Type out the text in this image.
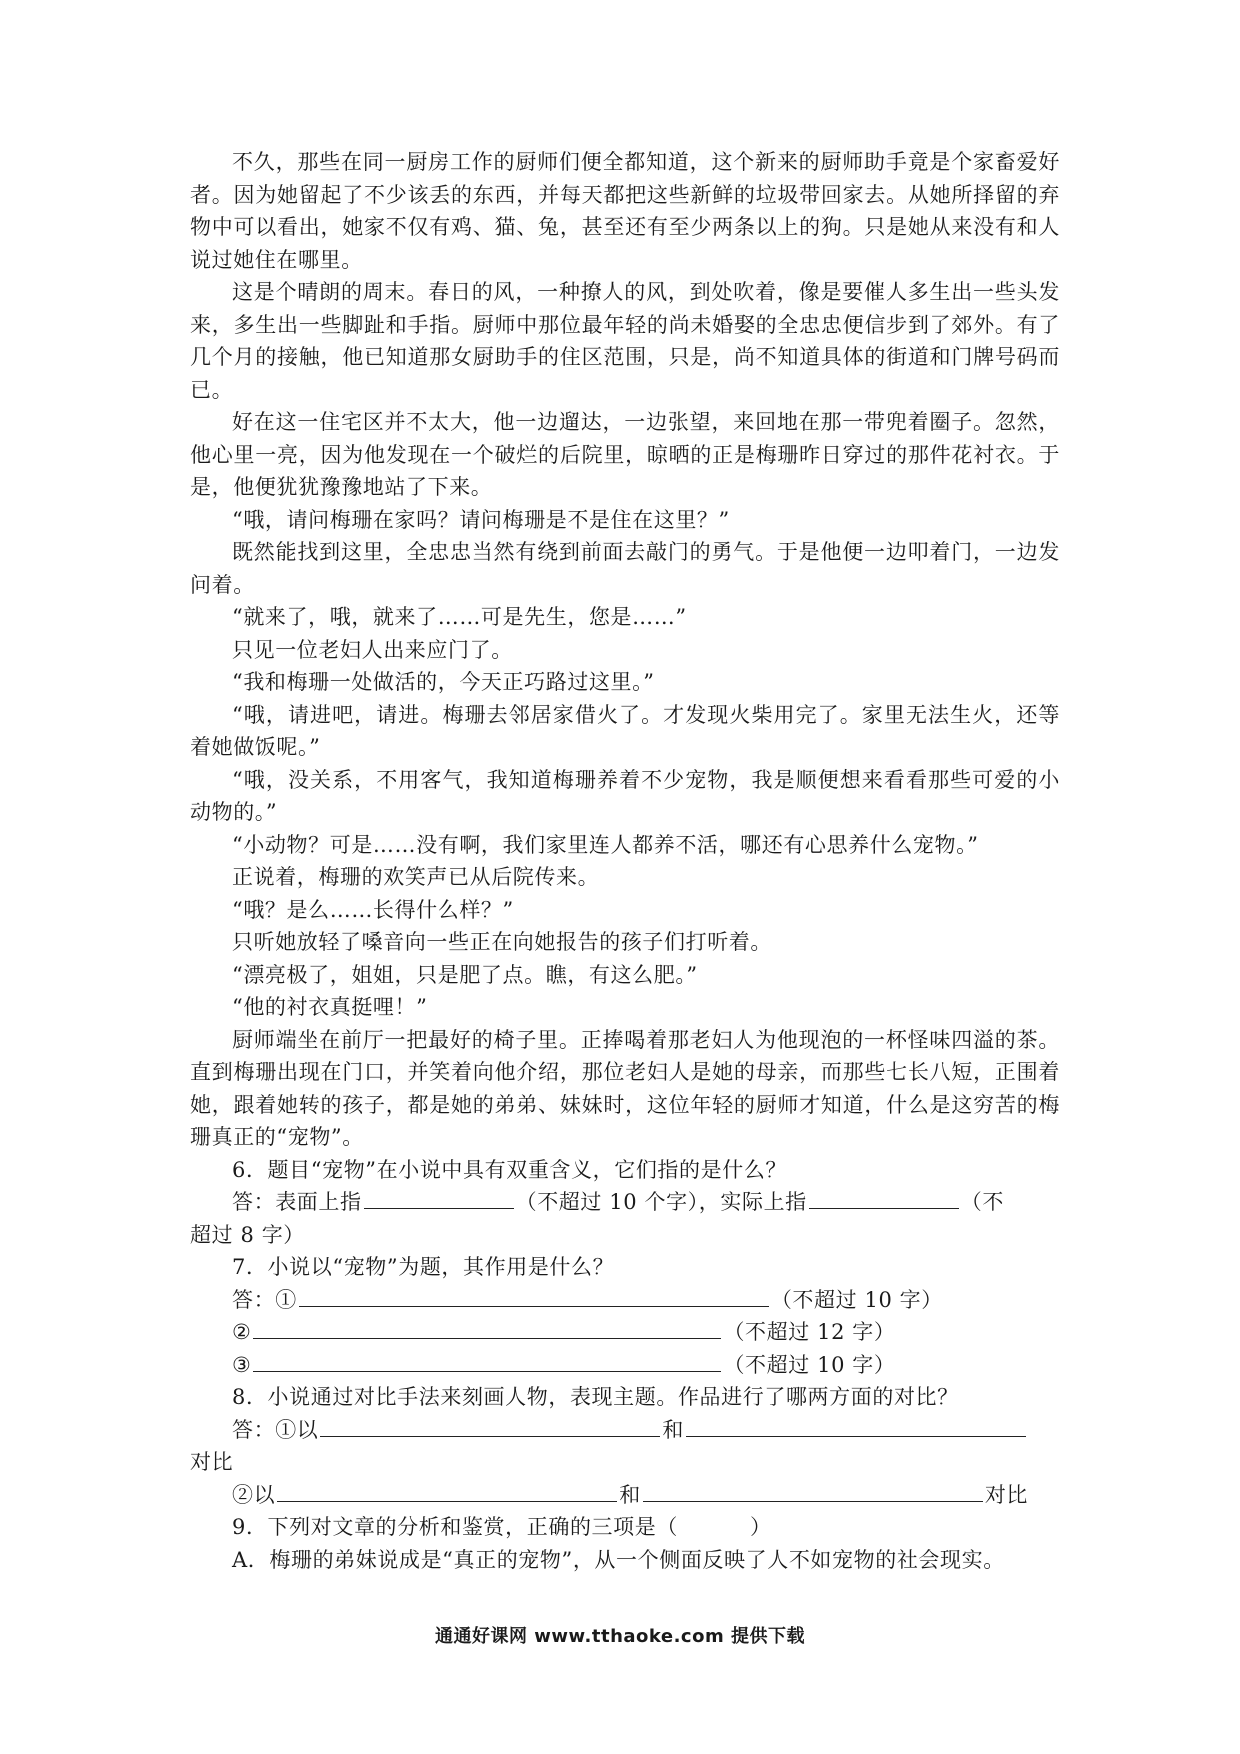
不久，那些在同一厨房工作的厨师们便全都知道，这个新来的厨师助手竟是个家畜爱好者。因为她留起了不少该丢的东西，并每天都把这些新鲜的垃圾带回家去。从她所择留的弃物中可以看出，她家不仅有鸡、猫、兔，甚至还有至少两条以上的狗。只是她从来没有和人说过她住在哪里。

这是个晴朗的周末。春日的风，一种撩人的风，到处吹着，像是要催人多生出一些头发来，多生出一些脚趾和手指。厨师中那位最年轻的尚未婚娶的全忠忠便信步到了郊外。有了几个月的接触，他已知道那女厨助手的住区范围，只是，尚不知道具体的街道和门牌号码而已。

好在这一住宅区并不太大，他一边遛达，一边张望，来回地在那一带兜着圈子。忽然，他心里一亮，因为他发现在一个破烂的后院里，晾晒的正是梅珊昨日穿过的那件花衬衣。于是，他便犹犹豫豫地站了下来。

“哦，请问梅珊在家吗？请问梅珊是不是住在这里？”

既然能找到这里，全忠忠当然有绕到前面去敲门的勇气。于是他便一边叩着门，一边发问着。

“就来了，哦，就来了……可是先生，您是……”

只见一位老妇人出来应门了。

“我和梅珊一处做活的，今天正巧路过这里。”

“哦，请进吧，请进。梅珊去邻居家借火了。才发现火柴用完了。家里无法生火，还等着她做饭呢。”

“哦，没关系，不用客气，我知道梅珊养着不少宠物，我是顺便想来看看那些可爱的小动物的。”

“小动物？可是……没有啊，我们家里连人都养不活，哪还有心思养什么宠物。”

正说着，梅珊的欢笑声已从后院传来。

“哦？是么……长得什么样？”

只听她放轻了嗓音向一些正在向她报告的孩子们打听着。

“漂亮极了，姐姐，只是肥了点。瞧，有这么肥。”

“他的衬衣真挺哩！”

厨师端坐在前厅一把最好的椅子里。正捧喝着那老妇人为他现泡的一杯怪味四溢的茶。直到梅珊出现在门口，并笑着向他介绍，那位老妇人是她的母亲，而那些七长八短，正围着她，跟着她转的孩子，都是她的弟弟、妹妹时，这位年轻的厨师才知道，什么是这穷苦的梅珊真正的“宠物”。

6．题目“宠物”在小说中具有双重含义，它们指的是什么？

答：表面上指	（不超过 10 个字），实际上指	（不

超过 8 字）

7．小说以“宠物”为题，其作用是什么？

答：①	（不超过 10 字）

②	（不超过 12 字）

③	（不超过 10 字）

8．小说通过对比手法来刻画人物，表现主题。作品进行了哪两方面的对比？

答：①以	和

对比

②以	和	对比

9．下列对文章的分析和鉴赏，正确的三项是（	）

A．梅珊的弟妹说成是“真正的宠物”，从一个侧面反映了人不如宠物的社会现实。

通通好课网 www.tthaoke.com 提供下载
